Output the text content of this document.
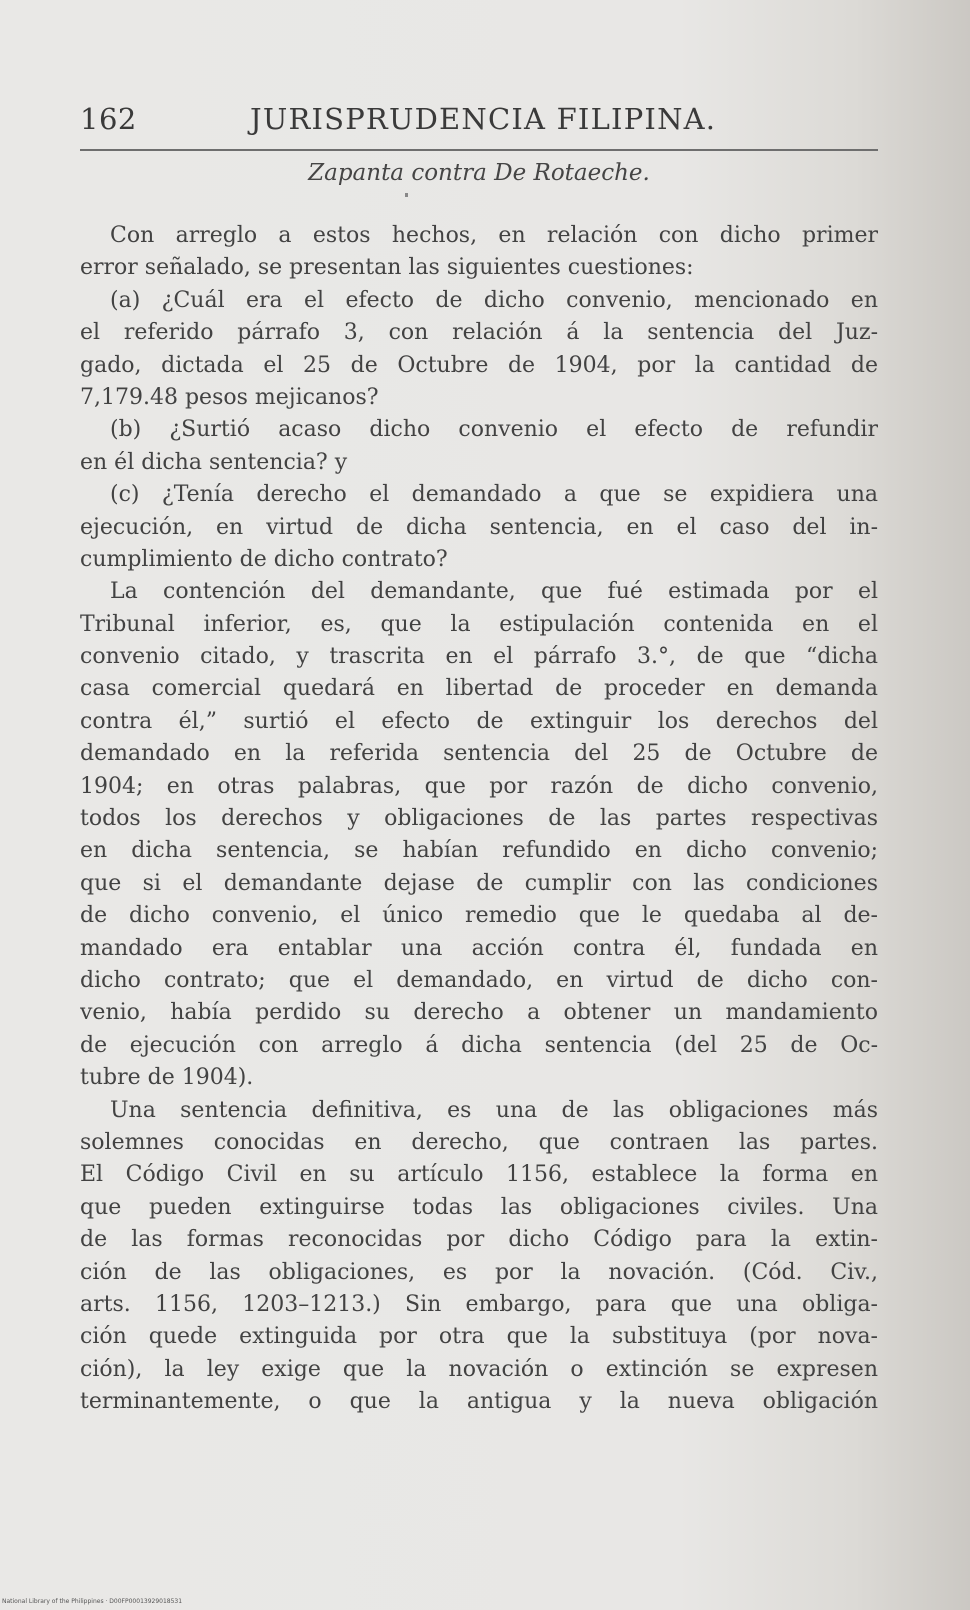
162	JURISPRUDENCIA FILIPINA.
Zapanta contra De Rotaeche.
Con arreglo a estos hechos, en relación con dicho primer
error señalado, se presentan las siguientes cuestiones:
(a) ¿Cuál era el efecto de dicho convenio, mencionado en
el referido párrafo 3, con relación á la sentencia del Juz-
gado, dictada el 25 de Octubre de 1904, por la cantidad de
7,179.48 pesos mejicanos?
(b) ¿Surtió acaso dicho convenio el efecto de refundir
en él dicha sentencia? y
(c) ¿Tenía derecho el demandado a que se expidiera una
ejecución, en virtud de dicha sentencia, en el caso del in-
cumplimiento de dicho contrato?
La contención del demandante, que fué estimada por el
Tribunal inferior, es, que la estipulación contenida en el
convenio citado, y trascrita en el párrafo 3.°, de que “dicha
casa comercial quedará en libertad de proceder en demanda
contra él,” surtió el efecto de extinguir los derechos del
demandado en la referida sentencia del 25 de Octubre de
1904; en otras palabras, que por razón de dicho convenio,
todos los derechos y obligaciones de las partes respectivas
en dicha sentencia, se habían refundido en dicho convenio;
que si el demandante dejase de cumplir con las condiciones
de dicho convenio, el único remedio que le quedaba al de-
mandado era entablar una acción contra él, fundada en
dicho contrato; que el demandado, en virtud de dicho con-
venio, había perdido su derecho a obtener un mandamiento
de ejecución con arreglo á dicha sentencia (del 25 de Oc-
tubre de 1904).
Una sentencia definitiva, es una de las obligaciones más
solemnes conocidas en derecho, que contraen las partes.
El Código Civil en su artículo 1156, establece la forma en
que pueden extinguirse todas las obligaciones civiles. Una
de las formas reconocidas por dicho Código para la extin-
ción de las obligaciones, es por la novación. (Cód. Civ.,
arts. 1156, 1203–1213.) Sin embargo, para que una obliga-
ción quede extinguida por otra que la substituya (por nova-
ción), la ley exige que la novación o extinción se expresen
terminantemente, o que la antigua y la nueva obligación
National Library of the Philippines · D00FP00013929018531
